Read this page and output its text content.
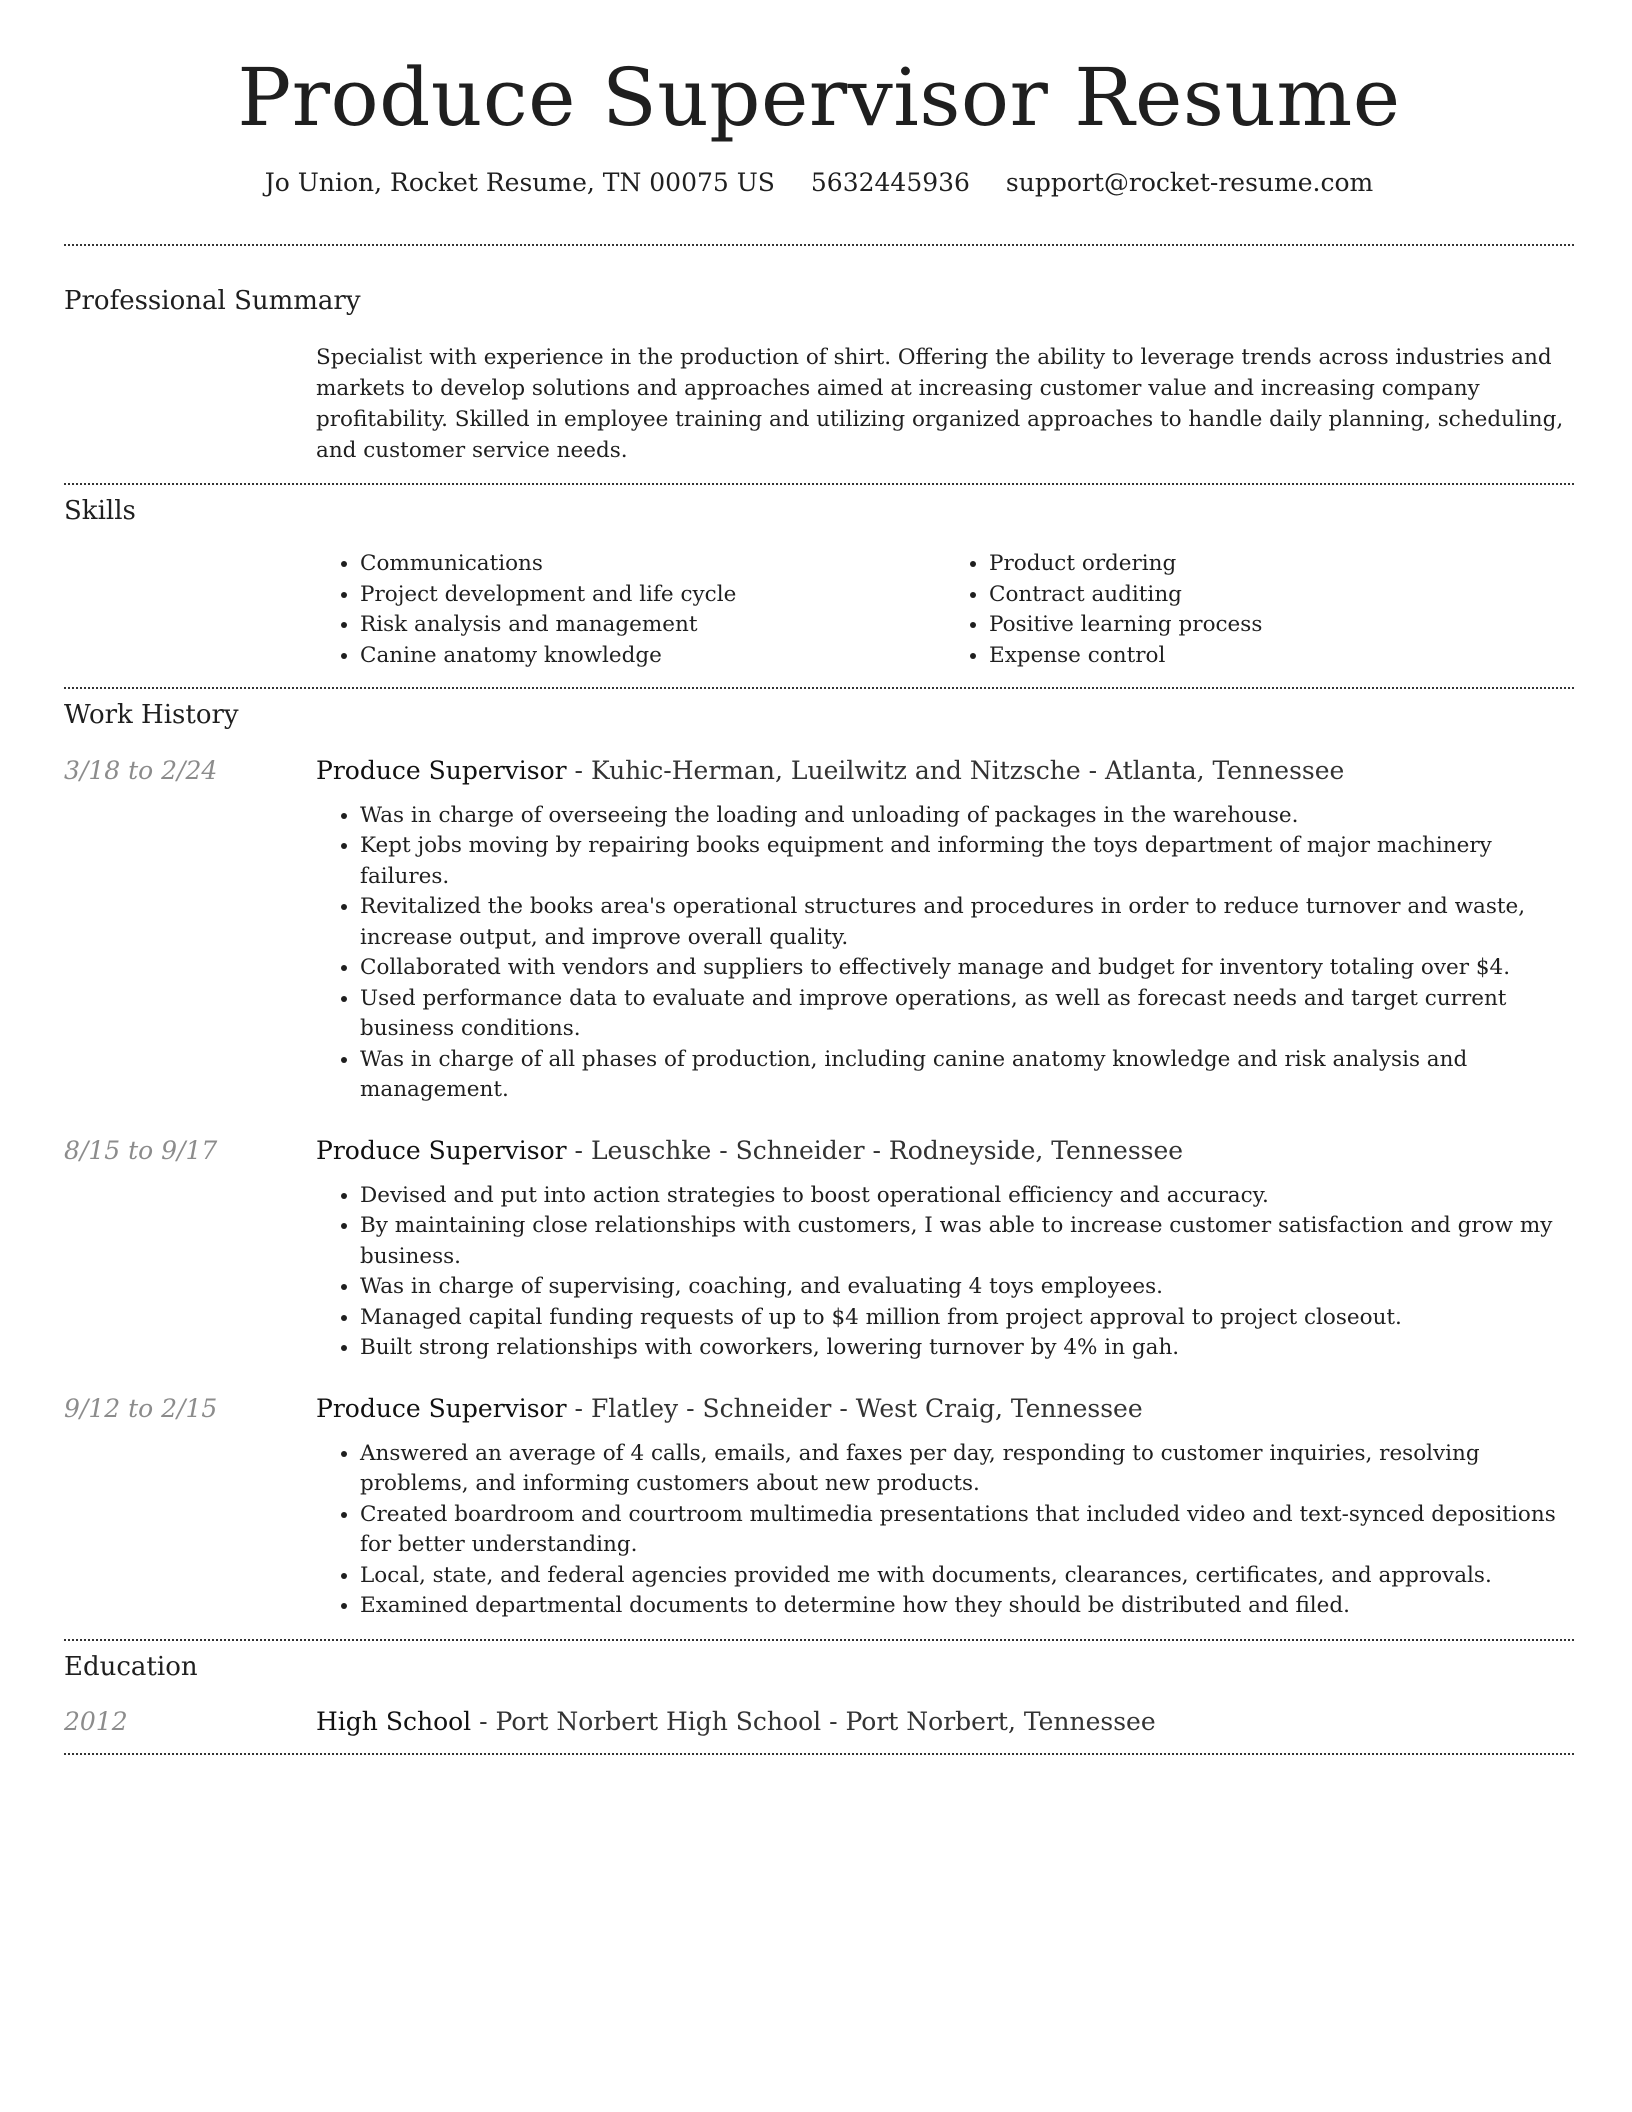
Produce Supervisor Resume
Jo Union, Rocket Resume, TN 00075 US 5632445936 support@rocket-resume.com
Professional Summary

Specialist with experience in the production of shirt. Offering the ability to leverage trends across industries and markets to develop solutions and approaches aimed at increasing customer value and increasing company profitability. Skilled in employee training and utilizing organized approaches to handle daily planning, scheduling, and customer service needs.

Skills
• Communications
• Project development and life cycle
• Risk analysis and management
• Canine anatomy knowledge
• Product ordering
• Contract auditing
• Positive learning process
• Expense control
Work History
3/18 to 2/24	Produce Supervisor - Kuhic-Herman, Lueilwitz and Nitzsche - Atlanta, Tennessee
• Was in charge of overseeing the loading and unloading of packages in the warehouse.
• Kept jobs moving by repairing books equipment and informing the toys department of major machinery failures.
• Revitalized the books area's operational structures and procedures in order to reduce turnover and waste, increase output, and improve overall quality.
• Collaborated with vendors and suppliers to effectively manage and budget for inventory totaling over $4.
• Used performance data to evaluate and improve operations, as well as forecast needs and target current business conditions.
• Was in charge of all phases of production, including canine anatomy knowledge and risk analysis and management.
8/15 to 9/17	Produce Supervisor - Leuschke - Schneider - Rodneyside, Tennessee
• Devised and put into action strategies to boost operational efficiency and accuracy.
• By maintaining close relationships with customers, I was able to increase customer satisfaction and grow my business.
• Was in charge of supervising, coaching, and evaluating 4 toys employees.
• Managed capital funding requests of up to $4 million from project approval to project closeout.
• Built strong relationships with coworkers, lowering turnover by 4% in gah.
9/12 to 2/15	Produce Supervisor - Flatley - Schneider - West Craig, Tennessee
• Answered an average of 4 calls, emails, and faxes per day, responding to customer inquiries, resolving problems, and informing customers about new products.
• Created boardroom and courtroom multimedia presentations that included video and text-synced depositions for better understanding.
• Local, state, and federal agencies provided me with documents, clearances, certificates, and approvals.
• Examined departmental documents to determine how they should be distributed and filed.
Education
2012	High School - Port Norbert High School - Port Norbert, Tennessee
